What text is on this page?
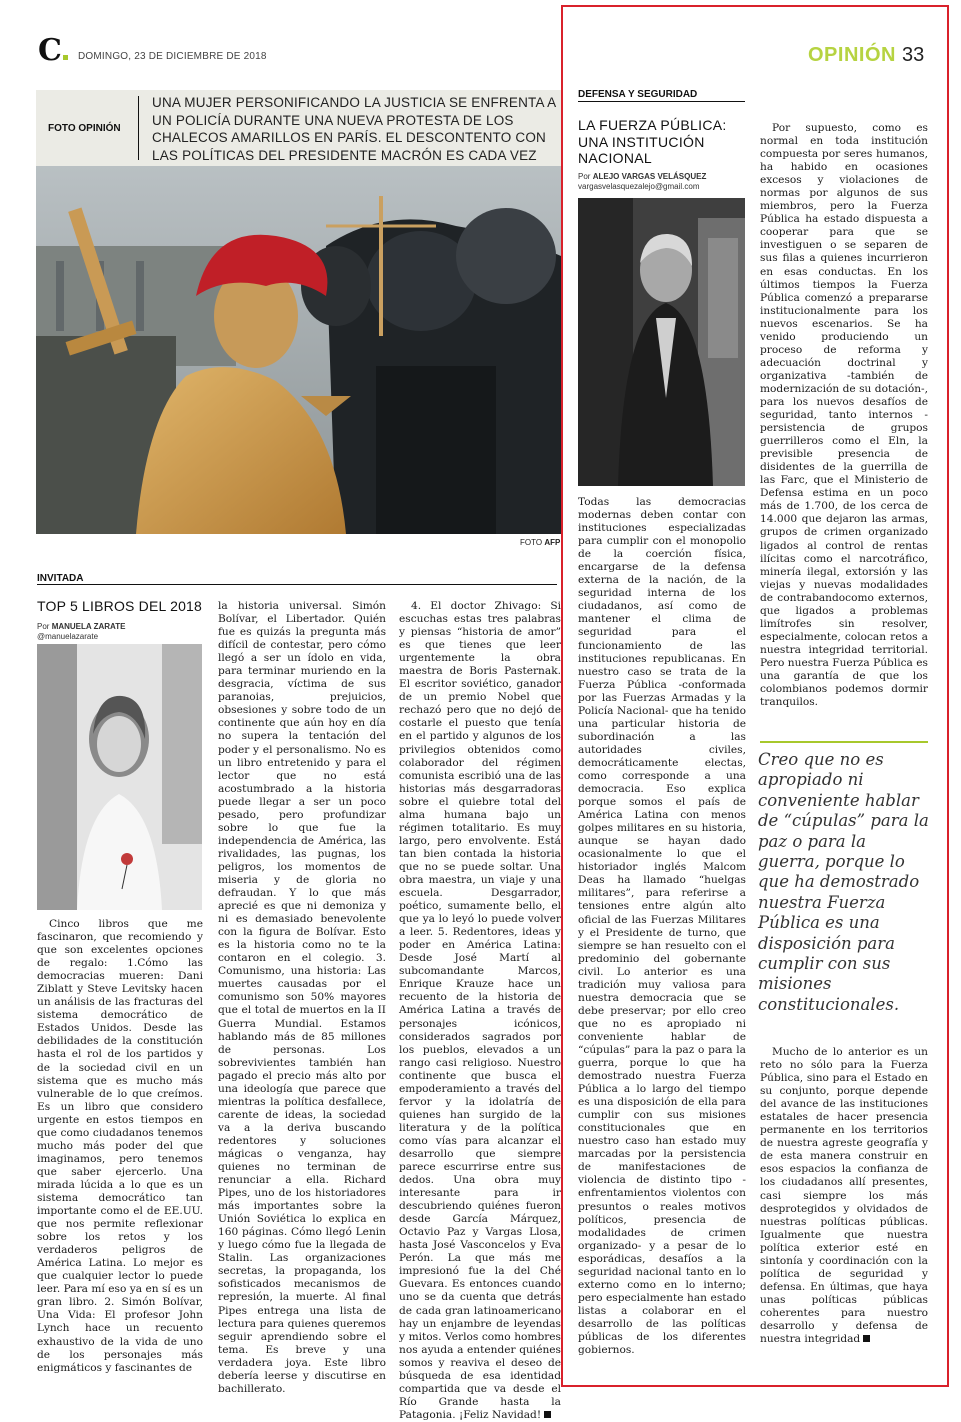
C	DOMINGO, 23 DE DICIEMBRE DE 2018	OPINIÓN 33
FOTO OPINIÓN
UNA MUJER PERSONIFICANDO LA JUSTICIA SE ENFRENTA A UN POLICÍA DURANTE UNA NUEVA PROTESTA DE LOS CHALECOS AMARILLOS EN PARÍS. EL DESCONTENTO CON LAS POLÍTICAS DEL PRESIDENTE MACRÓN ES CADA VEZ
FOTO AFP
INVITADA
TOP 5 LIBROS DEL 2018
Por MANUELA ZARATE
@manuelazarate

Cinco libros que me fascinaron, que recomiendo y que son excelentes opciones de regalo: 1.Cómo las democracias mueren: Dani Ziblatt y Steve Levitsky hacen un análisis de las fracturas del sistema democrático de Estados Unidos. Desde las debilidades de la constitución hasta el rol de los partidos y de la sociedad civil en un sistema que es mucho más vulnerable de lo que creímos. Es un libro que considero urgente en estos tiempos en que como ciudadanos tenemos mucho más poder del que imaginamos, pero tenemos que saber ejercerlo. Una mirada lúcida a lo que es un sistema democrático tan importante como el de EE.UU. que nos permite reflexionar sobre los retos y los verdaderos peligros de América Latina. Lo mejor es que cualquier lector lo puede leer. Para mí eso ya en sí es un gran libro. 2. Simón Bolívar, Una Vida: El profesor John Lynch hace un recuento exhaustivo de la vida de uno de los personajes más enigmáticos y fascinantes de

la historia universal. Simón Bolívar, el Libertador. Quién fue es quizás la pregunta más difícil de contestar, pero cómo llegó a ser un ídolo en vida, para terminar muriendo en la desgracia, víctima de sus paranoias, prejuicios, obsesiones y sobre todo de un continente que aún hoy en día no supera la tentación del poder y el personalismo. No es un libro entretenido y para el lector que no está acostumbrado a la historia puede llegar a ser un poco pesado, pero profundizar sobre lo que fue la independencia de América, las rivalidades, las pugnas, los peligros, los momentos de miseria y de gloria no defraudan. Y lo que más aprecié es que ni demoniza y ni es demasiado benevolente con la figura de Bolívar. Esto es la historia como no te la contaron en el colegio. 3. Comunismo, una historia: Las muertes causadas por el comunismo son 50% mayores que el total de muertos en la II Guerra Mundial. Estamos hablando más de 85 millones de personas. Los sobrevivientes también han pagado el precio más alto por una ideología que parece que mientras la política desfallece, carente de ideas, la sociedad va a la deriva buscando redentores y soluciones mágicas o venganza, hay quienes no terminan de renunciar a ella. Richard Pipes, uno de los historiadores más importantes sobre la Unión Soviética lo explica en 160 páginas. Cómo llegó Lenin y luego cómo fue la llegada de Stalin. Las organizaciones secretas, la propaganda, los sofisticados mecanismos de represión, la muerte. Al final Pipes entrega una lista de lectura para quienes queremos seguir aprendiendo sobre el tema. Es breve y una verdadera joya. Este libro debería leerse y discutirse en bachillerato.

4. El doctor Zhivago: Si escuchas estas tres palabras y piensas “historia de amor” es que tienes que leer urgentemente la obra maestra de Boris Pasternak. El escritor soviético, ganador de un premio Nobel que rechazó pero que no dejó de costarle el puesto que tenía en el partido y algunos de los privilegios obtenidos como colaborador del régimen comunista escribió una de las historias más desgarradoras sobre el quiebre total del alma humana bajo un régimen totalitario. Es muy largo, pero envolvente. Está tan bien contada la historia que no se puede soltar. Una obra maestra, un viaje y una escuela. Desgarrador, poético, sumamente bello, el que ya lo leyó lo puede volver a leer. 5. Redentores, ideas y poder en América Latina: Desde José Martí al subcomandante Marcos, Enrique Krauze hace un recuento de la historia de América Latina a través de personajes icónicos, considerados sagrados por los pueblos, elevados a un rango casi religioso. Nuestro continente que busca el empoderamiento a través del fervor y la idolatría de quienes han surgido de la literatura y de la política como vías para alcanzar el desarrollo que siempre parece escurrirse entre sus dedos. Una obra muy interesante para ir descubriendo quiénes fueron desde García Márquez, Octavio Paz y Vargas Llosa, hasta José Vasconcelos y Eva Perón. La que más me impresionó fue la del Ché Guevara. Es entonces cuando uno se da cuenta que detrás de cada gran latinoamericano hay un enjambre de leyendas y mitos. Verlos como hombres nos ayuda a entender quiénes somos y reaviva el deseo de búsqueda de esa identidad compartida que va desde el Río Grande hasta la Patagonia. ¡Feliz Navidad!

DEFENSA Y SEGURIDAD
LA FUERZA PÚBLICA: UNA INSTITUCIÓN NACIONAL
Por ALEJO VARGAS VELÁSQUEZ
vargasvelasquezalejo@gmail.com

Todas las democracias modernas deben contar con instituciones especializadas para cumplir con el monopolio de la coerción física, encargarse de la defensa externa de la nación, de la seguridad interna de los ciudadanos, así como de mantener el clima de seguridad para el funcionamiento de las instituciones republicanas. En nuestro caso se trata de la Fuerza Pública -conformada por las Fuerzas Armadas y la Policía Nacional- que ha tenido una particular historia de subordinación a las autoridades civiles, democráticamente electas, como corresponde a una democracia. Eso explica porque somos el país de América Latina con menos golpes militares en su historia, aunque se hayan dado ocasionalmente lo que el historiador inglés Malcom Deas ha llamado “huelgas militares”, para referirse a tensiones entre algún alto oficial de las Fuerzas Militares y el Presidente de turno, que siempre se han resuelto con el predominio del gobernante civil. Lo anterior es una tradición muy valiosa para nuestra democracia que se debe preservar; por ello creo que no es apropiado ni conveniente hablar de “cúpulas” para la paz o para la guerra, porque lo que ha demostrado nuestra Fuerza Pública a lo largo del tiempo es una disposición de ella para cumplir con sus misiones constitucionales que en nuestro caso han estado muy marcadas por la persistencia de manifestaciones de violencia de distinto tipo -enfrentamientos violentos con presuntos o reales motivos políticos, presencia de modalidades de crimen organizado- y a pesar de lo esporádicas, desafíos a la seguridad nacional tanto en lo externo como en lo interno; pero especialmente han estado listas a colaborar en el desarrollo de las políticas públicas de los diferentes gobiernos.

Por supuesto, como es normal en toda institución compuesta por seres humanos, ha habido en ocasiones excesos y violaciones de normas por algunos de sus miembros, pero la Fuerza Pública ha estado dispuesta a cooperar para que se investiguen o se separen de sus filas a quienes incurrieron en esas conductas. En los últimos tiempos la Fuerza Pública comenzó a prepararse institucionalmente para los nuevos escenarios. Se ha venido produciendo un proceso de reforma y adecuación doctrinal y organizativa -también de modernización de su dotación-, para los nuevos desafíos de seguridad, tanto internos -persistencia de grupos guerrilleros como el Eln, la previsible presencia de disidentes de la guerrilla de las Farc, que el Ministerio de Defensa estima en un poco más de 1.700, de los cerca de 14.000 que dejaron las armas, grupos de crimen organizado ligados al control de rentas ilícitas como el narcotráfico, minería ilegal, extorsión y las viejas y nuevas modalidades de contrabandocomo externos, que ligados a problemas limítrofes sin resolver, especialmente, colocan retos a nuestra integridad territorial. Pero nuestra Fuerza Pública es una garantía de que los colombianos podemos dormir tranquilos.

Creo que no es apropiado ni conveniente hablar de “cúpulas” para la paz o para la guerra, porque lo que ha demostrado nuestra Fuerza Pública es una disposición para cumplir con sus misiones constitucionales.

Mucho de lo anterior es un reto no sólo para la Fuerza Pública, sino para el Estado en su conjunto, porque depende del avance de las instituciones estatales de hacer presencia permanente en los territorios de nuestra agreste geografía y de esta manera construir en esos espacios la confianza de los ciudadanos allí presentes, casi siempre los más desprotegidos y olvidados de nuestras políticas públicas. Igualmente que nuestra política exterior esté en sintonía y coordinación con la política de seguridad y defensa. En últimas, que haya unas políticas públicas coherentes para nuestro desarrollo y defensa de nuestra integridad
